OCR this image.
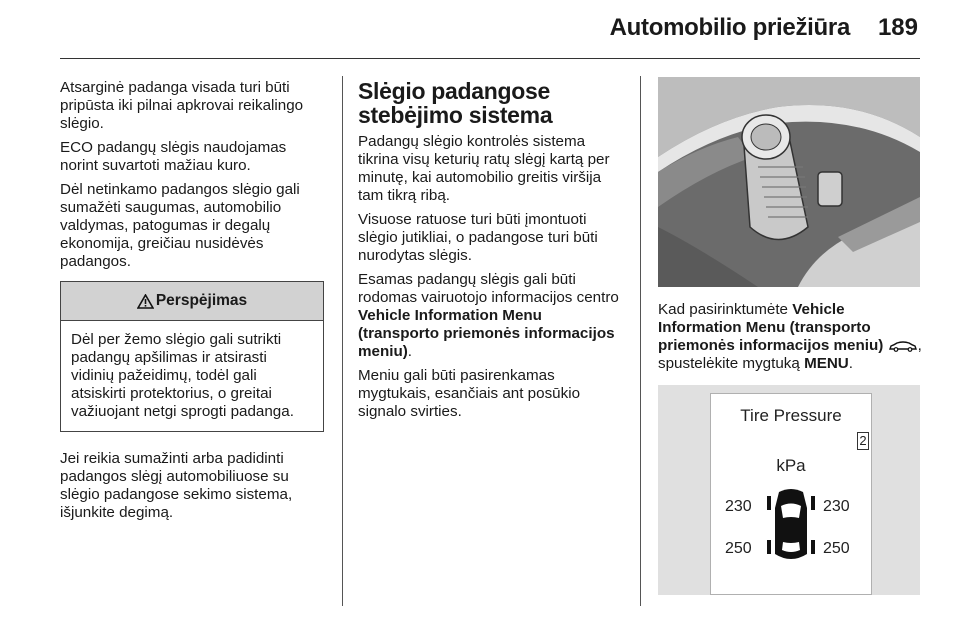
Automobilio priežiūra	189

Atsarginė padanga visada turi būti pripūsta iki pilnai apkrovai reikalingo slėgio.

ECO padangų slėgis naudojamas norint suvartoti mažiau kuro.

Dėl netinkamo padangos slėgio gali sumažėti saugumas, automobilio valdymas, patogumas ir degalų ekonomija, greičiau nusidėvės padangos.

Perspėjimas
Dėl per žemo slėgio gali sutrikti padangų apšilimas ir atsirasti vidinių pažeidimų, todėl gali atsiskirti protektorius, o greitai važiuojant netgi sprogti padanga.

Jei reikia sumažinti arba padidinti padangos slėgį automobiliuose su slėgio padangose sekimo sistema, išjunkite degimą.

Slėgio padangose stebėjimo sistema

Padangų slėgio kontrolės sistema tikrina visų keturių ratų slėgį kartą per minutę, kai automobilio greitis viršija tam tikrą ribą.

Visuose ratuose turi būti įmontuoti slėgio jutikliai, o padangose turi būti nurodytas slėgis.

Esamas padangų slėgis gali būti rodomas vairuotojo informacijos centro Vehicle Information Menu (transporto priemonės informacijos meniu).

Meniu gali būti pasirenkamas mygtukais, esančiais ant posūkio signalo svirties.

Kad pasirinktumėte Vehicle Information Menu (transporto priemonės informacijos meniu) , spustelėkite mygtuką MENU.
Tire Pressure
2
kPa
230	230
250	250
